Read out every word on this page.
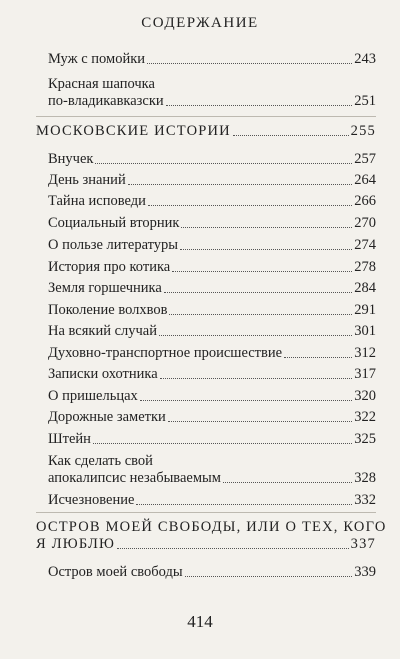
СОДЕРЖАНИЕ
Муж с помойки	243
Красная шапочка
по-владикавказски	251
МОСКОВСКИЕ ИСТОРИИ	255
Внучек	257
День знаний	264
Тайна исповеди	266
Социальный вторник	270
О пользе литературы	274
История про котика	278
Земля горшечника	284
Поколение волхвов	291
На всякий случай	301
Духовно-транспортное происшествие	312
Записки охотника	317
О пришельцах	320
Дорожные заметки	322
Штейн	325
Как сделать свой
апокалипсис незабываемым	328
Исчезновение	332
ОСТРОВ МОЕЙ СВОБОДЫ, ИЛИ О ТЕХ, КОГО
Я ЛЮБЛЮ	337
Остров моей свободы	339
414
